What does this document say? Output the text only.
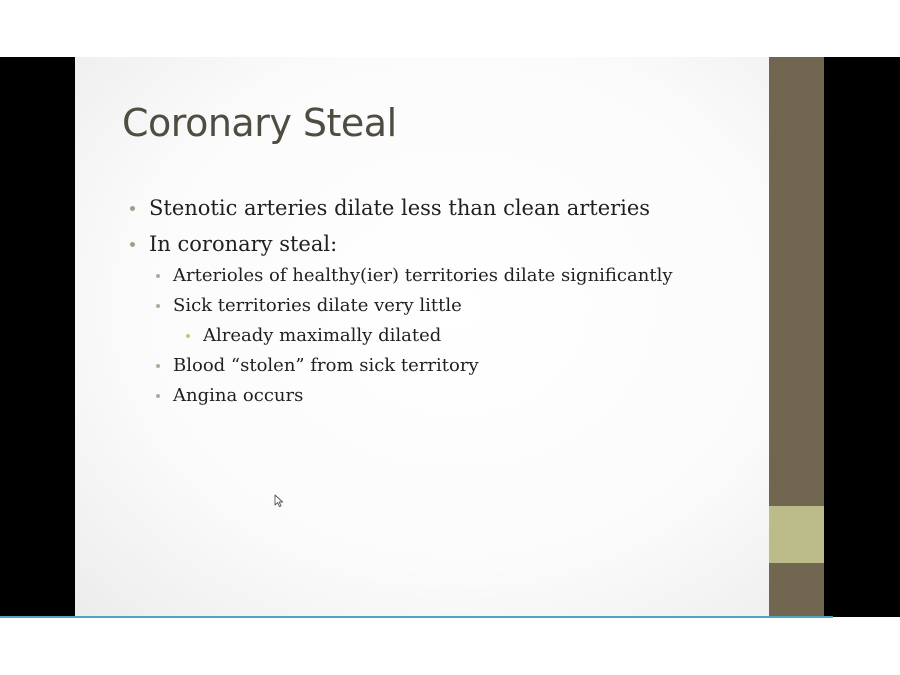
Coronary Steal
Stenotic arteries dilate less than clean arteries
In coronary steal:
Arterioles of healthy(ier) territories dilate significantly
Sick territories dilate very little
Already maximally dilated
Blood “stolen” from sick territory
Angina occurs
